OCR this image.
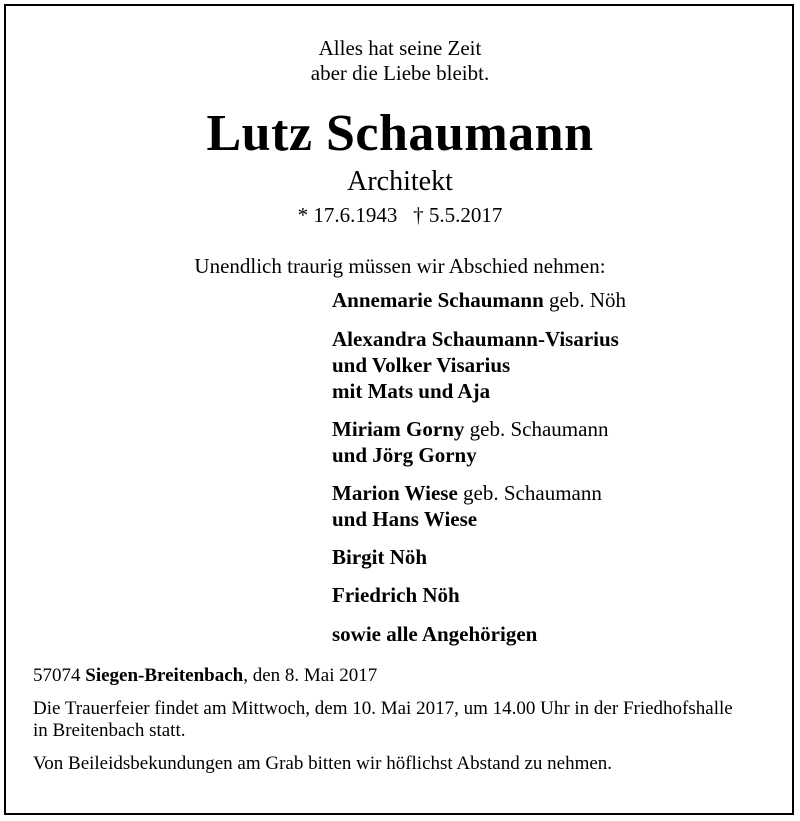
Alles hat seine Zeit
aber die Liebe bleibt.
Lutz Schaumann
Architekt
* 17.6.1943 † 5.5.2017
Unendlich traurig müssen wir Abschied nehmen:
Annemarie Schaumann geb. Nöh
Alexandra Schaumann-Visarius
und Volker Visarius
mit Mats und Aja
Miriam Gorny geb. Schaumann
und Jörg Gorny
Marion Wiese geb. Schaumann
und Hans Wiese
Birgit Nöh
Friedrich Nöh
sowie alle Angehörigen
57074 Siegen-Breitenbach, den 8. Mai 2017
Die Trauerfeier findet am Mittwoch, dem 10. Mai 2017, um 14.00 Uhr in der Friedhofshalle
in Breitenbach statt.
Von Beileidsbekundungen am Grab bitten wir höflichst Abstand zu nehmen.
